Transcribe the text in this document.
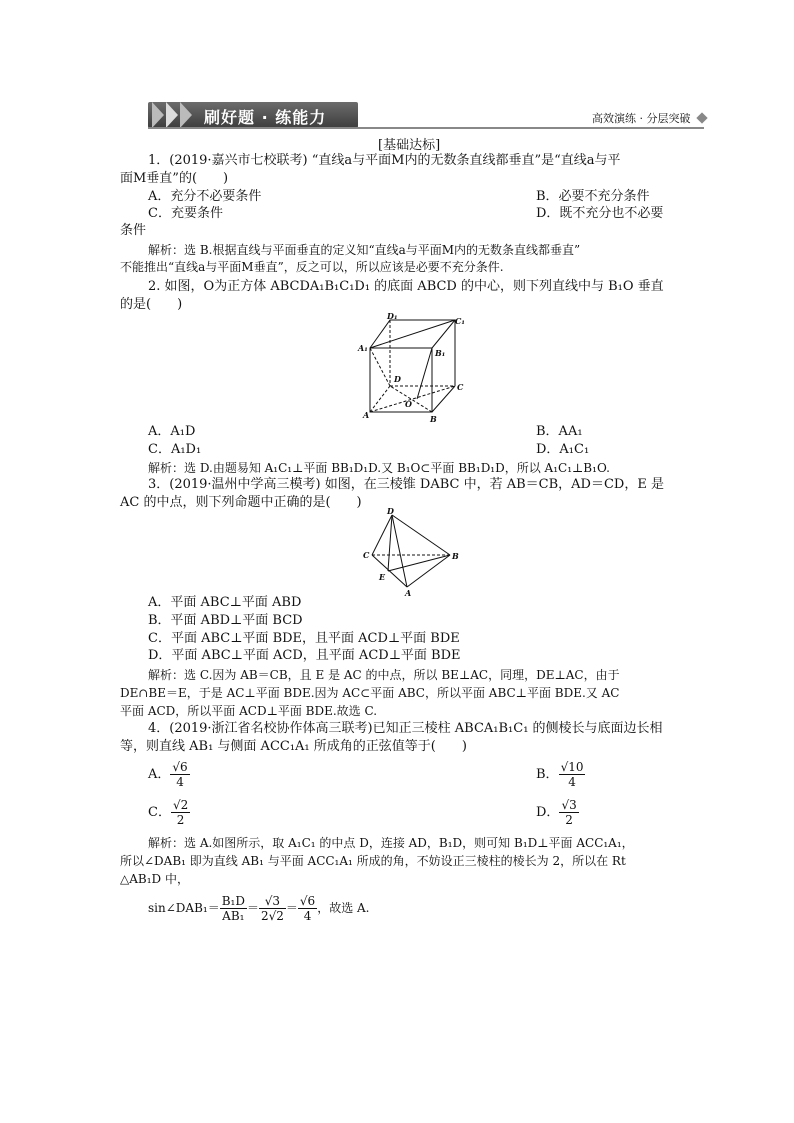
刷好题 · 练能力	高效演练 · 分层突破
[基础达标]
1．(2019·嘉兴市七校联考) “直线a与平面M内的无数条直线都垂直”是“直线a与平
面M垂直”的(　　)
A．充分不必要条件	B．必要不充分条件
C．充要条件	D．既不充分也不必要
条件
解析：选 B.根据直线与平面垂直的定义知“直线a与平面M内的无数条直线都垂直”
不能推出“直线a与平面M垂直”，反之可以，所以应该是必要不充分条件.
2. 如图，O为正方体 ABCDA₁B₁C₁D₁ 的底面 ABCD 的中心，则下列直线中与 B₁O 垂直
的是(　　)
D₁	C₁
A₁	B₁
D
C
O
A	B
A．A₁D	B．AA₁
C．A₁D₁	D．A₁C₁
解析：选 D.由题易知 A₁C₁⊥平面 BB₁D₁D.又 B₁O⊂平面 BB₁D₁D，所以 A₁C₁⊥B₁O.
3．(2019·温州中学高三模考) 如图，在三棱锥 DABC 中，若 AB＝CB，AD＝CD，E 是
AC 的中点，则下列命题中正确的是(　　)
D
C
E
B
A
A．平面 ABC⊥平面 ABD
B．平面 ABD⊥平面 BCD
C．平面 ABC⊥平面 BDE，且平面 ACD⊥平面 BDE
D．平面 ABC⊥平面 ACD，且平面 ACD⊥平面 BDE
解析：选 C.因为 AB＝CB，且 E 是 AC 的中点，所以 BE⊥AC，同理，DE⊥AC，由于
DE∩BE＝E，于是 AC⊥平面 BDE.因为 AC⊂平面 ABC，所以平面 ABC⊥平面 BDE.又 AC
平面 ACD，所以平面 ACD⊥平面 BDE.故选 C.
4．(2019·浙江省名校协作体高三联考)已知正三棱柱 ABCA₁B₁C₁ 的侧棱长与底面边长相
等，则直线 AB₁ 与侧面 ACC₁A₁ 所成角的正弦值等于(　　)
A． $\frac{√6}{4}$	B． $\frac{√10}{4}$
C． $\frac{√2}{2}$	D． $\frac{√3}{2}$
解析：选 A.如图所示，取 A₁C₁ 的中点 D，连接 AD，B₁D，则可知 B₁D⊥平面 ACC₁A₁，
所以∠DAB₁ 即为直线 AB₁ 与平面 ACC₁A₁ 所成的角，不妨设正三棱柱的棱长为 2，所以在 Rt
△AB₁D 中，
sin∠DAB₁＝ $\frac{\text{B₁D}}{\text{AB₁}} = \frac{√3}{2√2} = \frac{√6}{4}$ ，故选 A.
